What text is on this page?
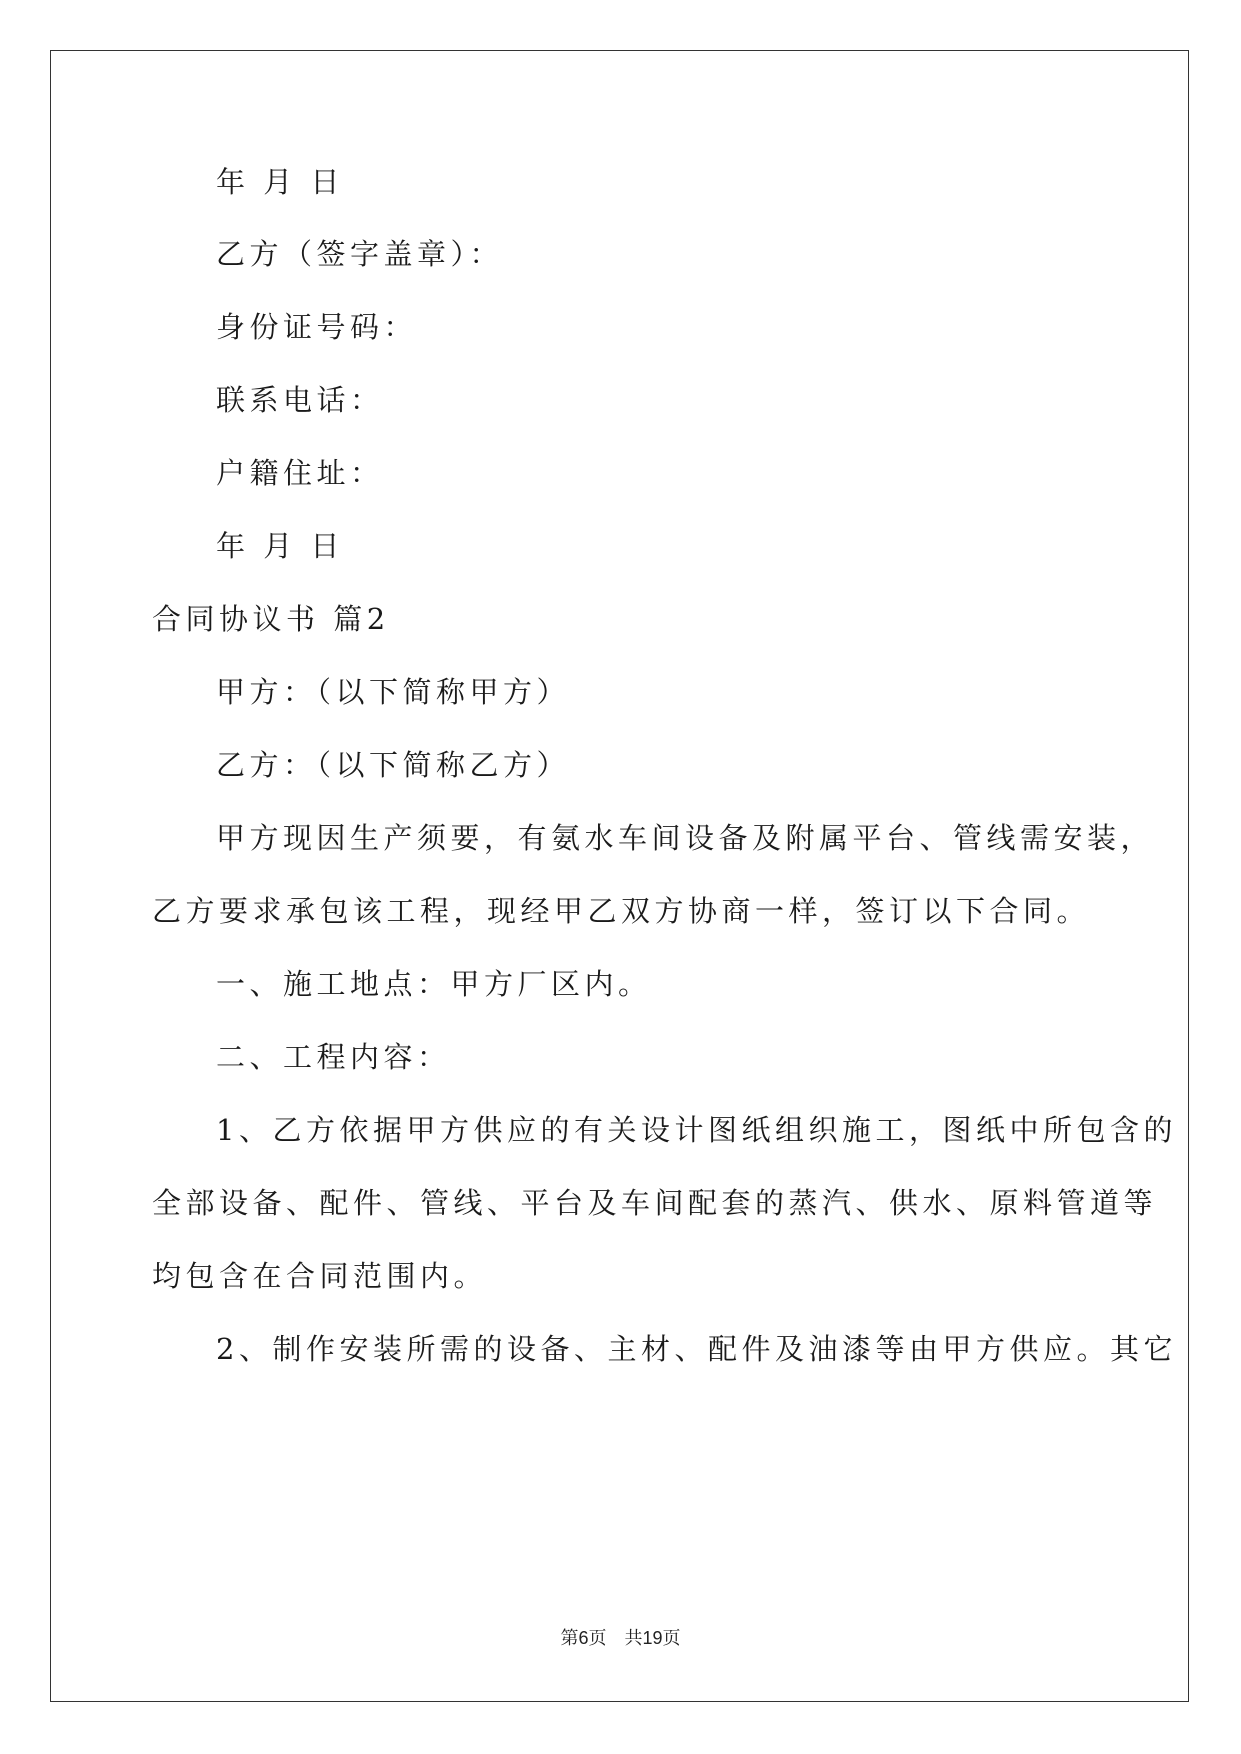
年 月 日
乙方（签字盖章）：
身份证号码：
联系电话：
户籍住址：
年 月 日
合同协议书 篇2
甲方：（以下简称甲方）
乙方：（以下简称乙方）
甲方现因生产须要，有氨水车间设备及附属平台、管线需安装，
乙方要求承包该工程，现经甲乙双方协商一样，签订以下合同。
一、施工地点：甲方厂区内。
二、工程内容：
1、乙方依据甲方供应的有关设计图纸组织施工，图纸中所包含的
全部设备、配件、管线、平台及车间配套的蒸汽、供水、原料管道等
均包含在合同范围内。
2、制作安装所需的设备、主材、配件及油漆等由甲方供应。其它
第6页　共19页
